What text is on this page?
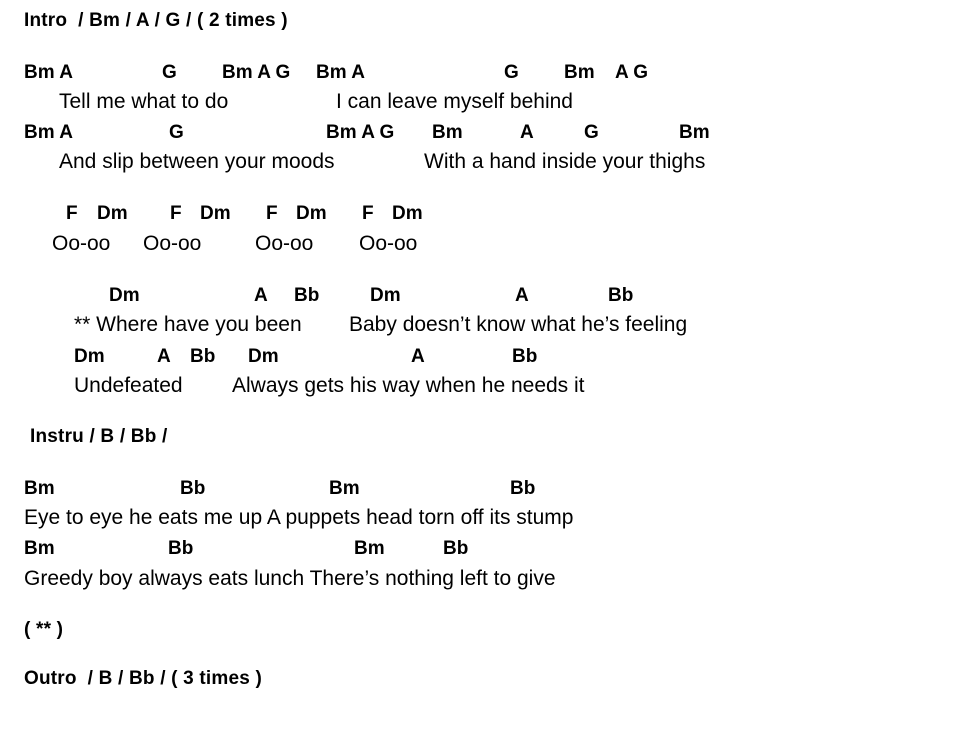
Intro  / Bm / A / G / ( 2 times )
Bm A	G Bm A G Bm A	G Bm A G
Tell me what to do	I can leave myself behind
Bm A	G	Bm A G Bm	A	G	Bm
And slip between your moods	With a hand inside your thighs
F Dm F Dm F Dm F Dm
Oo-oo Oo-oo	Oo-oo Oo-oo
Dm	A Bb	Dm	A	Bb
** Where have you been Baby doesn’t know what he’s feeling
Dm	A Bb Dm	A	Bb
Undefeated Always gets his way when he needs it
Instru / B / Bb /
Bm	Bb	Bm	Bb
Eye to eye he eats me up A puppets head torn off its stump
Bm	Bb	Bm	Bb
Greedy boy always eats lunch There’s nothing left to give
( ** )
Outro  / B / Bb / ( 3 times )
